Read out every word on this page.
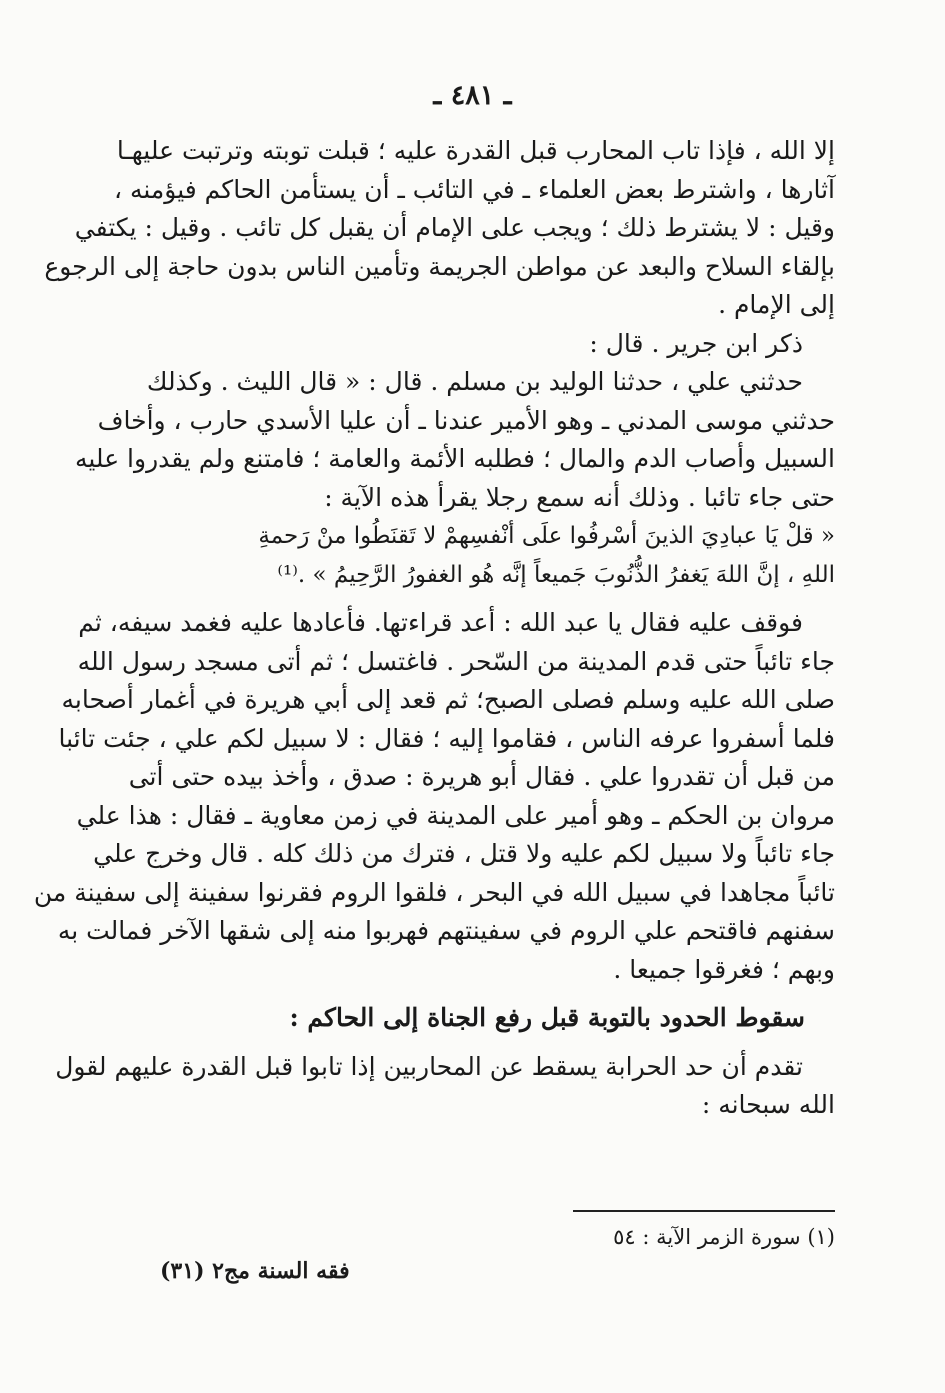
ـ ٤٨١ ـ
إلا الله ، فإذا تاب المحارب قبل القدرة عليه ؛ قبلت توبته وترتبت عليهـا
آثارها ، واشترط بعض العلماء ـ في التائب ـ أن يستأمن الحاكم فيؤمنه ،
وقيل : لا يشترط ذلك ؛ ويجب على الإمام أن يقبل كل تائب . وقيل : يكتفي
بإلقاء السلاح والبعد عن مواطن الجريمة وتأمين الناس بدون حاجة إلى الرجوع
إلى الإمام .
ذكر ابن جرير . قال :
حدثني علي ، حدثنا الوليد بن مسلم . قال : « قال الليث . وكذلك
حدثني موسى المدني ـ وهو الأمير عندنا ـ أن عليا الأسدي حارب ، وأخاف
السبيل وأصاب الدم والمال ؛ فطلبه الأئمة والعامة ؛ فامتنع ولم يقدروا عليه
حتى جاء تائبا . وذلك أنه سمع رجلا يقرأ هذه الآية :
« قلْ يَا عبادِيَ الذينَ أسْرفُوا علَى أنْفسِهمْ لا تَقنَطُوا منْ رَحمةِ
اللهِ ، إنَّ اللهَ يَغفرُ الذُّنُوبَ جَميعاً إنَّه هُو الغفورُ الرَّحِيمُ » .⁽¹⁾
فوقف عليه فقال يا عبد الله : أعد قراءتها. فأعادها عليه فغمد سيفه، ثم
جاء تائباً حتى قدم المدينة من السّحر . فاغتسل ؛ ثم أتى مسجد رسول الله
صلى الله عليه وسلم فصلى الصبح؛ ثم قعد إلى أبي هريرة في أغمار أصحابه
فلما أسفروا عرفه الناس ، فقاموا إليه ؛ فقال : لا سبيل لكم علي ، جئت تائبا
من قبل أن تقدروا علي . فقال أبو هريرة : صدق ، وأخذ بيده حتى أتى
مروان بن الحكم ـ وهو أمير على المدينة في زمن معاوية ـ فقال : هذا علي
جاء تائباً ولا سبيل لكم عليه ولا قتل ، فترك من ذلك كله . قال وخرج علي
تائباً مجاهدا في سبيل الله في البحر ، فلقوا الروم فقرنوا سفينة إلى سفينة من
سفنهم فاقتحم علي الروم في سفينتهم فهربوا منه إلى شقها الآخر فمالت به
وبهم ؛ فغرقوا جميعا .
سقوط الحدود بالتوبة قبل رفع الجناة إلى الحاكم :
تقدم أن حد الحرابة يسقط عن المحاربين إذا تابوا قبل القدرة عليهم لقول
الله سبحانه :
(١) سورة الزمر الآية : ٥٤
فقه السنة مج٢ (٣١)
